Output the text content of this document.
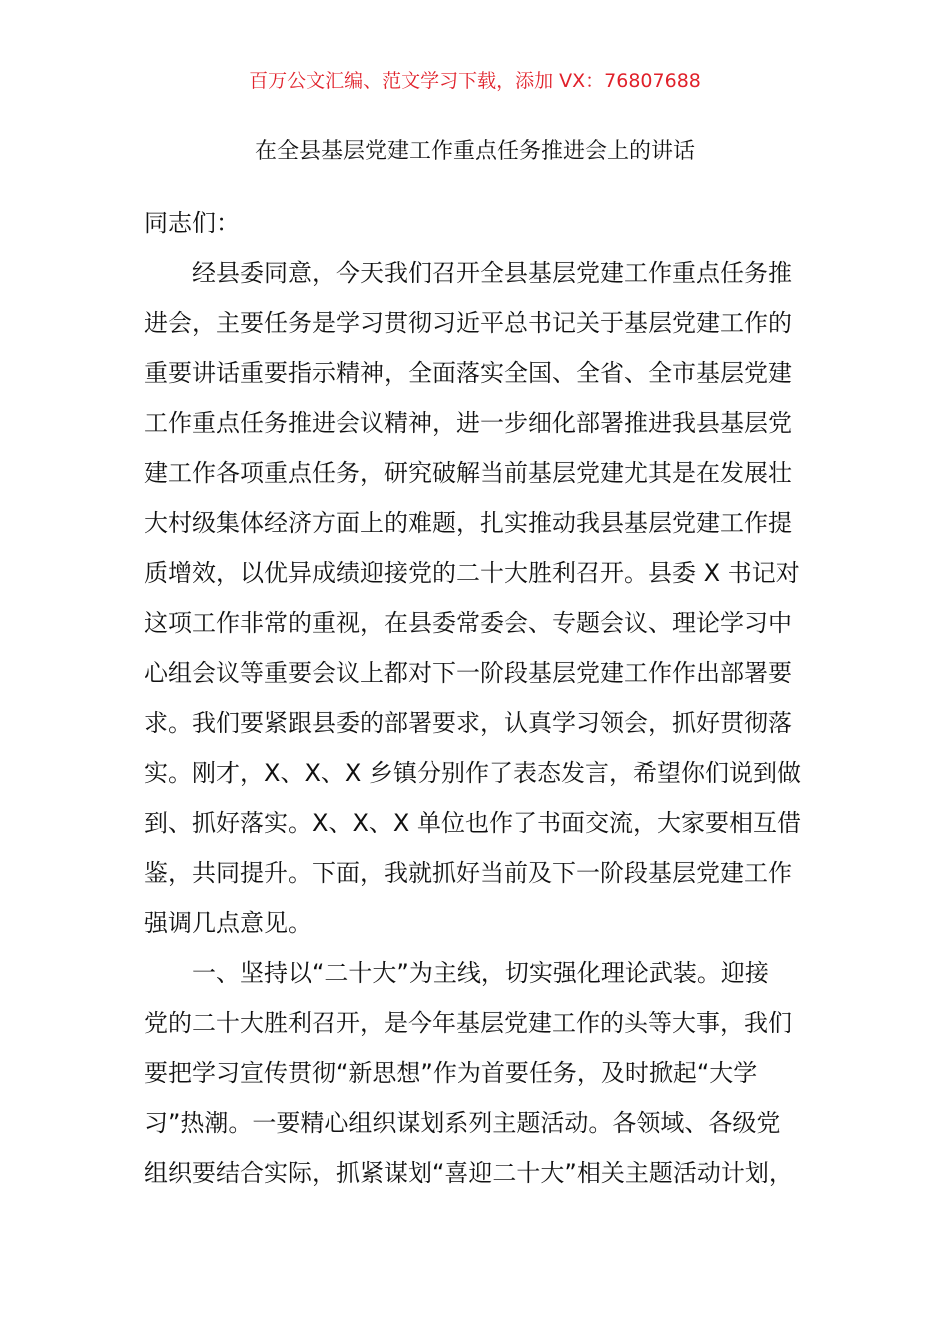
百万公文汇编、范文学习下载，添加 VX：76807688
在全县基层党建工作重点任务推进会上的讲话
同志们：
经县委同意，今天我们召开全县基层党建工作重点任务推
进会，主要任务是学习贯彻习近平总书记关于基层党建工作的
重要讲话重要指示精神，全面落实全国、全省、全市基层党建
工作重点任务推进会议精神，进一步细化部署推进我县基层党
建工作各项重点任务，研究破解当前基层党建尤其是在发展壮
大村级集体经济方面上的难题，扎实推动我县基层党建工作提
质增效，以优异成绩迎接党的二十大胜利召开。县委 X 书记对
这项工作非常的重视，在县委常委会、专题会议、理论学习中
心组会议等重要会议上都对下一阶段基层党建工作作出部署要
求。我们要紧跟县委的部署要求，认真学习领会，抓好贯彻落
实。刚才，X、X、X 乡镇分别作了表态发言，希望你们说到做
到、抓好落实。X、X、X 单位也作了书面交流，大家要相互借
鉴，共同提升。下面，我就抓好当前及下一阶段基层党建工作
强调几点意见。
一、坚持以“二十大”为主线，切实强化理论武装。迎接
党的二十大胜利召开，是今年基层党建工作的头等大事，我们
要把学习宣传贯彻“新思想”作为首要任务，及时掀起“大学
习”热潮。一要精心组织谋划系列主题活动。各领域、各级党
组织要结合实际，抓紧谋划“喜迎二十大”相关主题活动计划，
